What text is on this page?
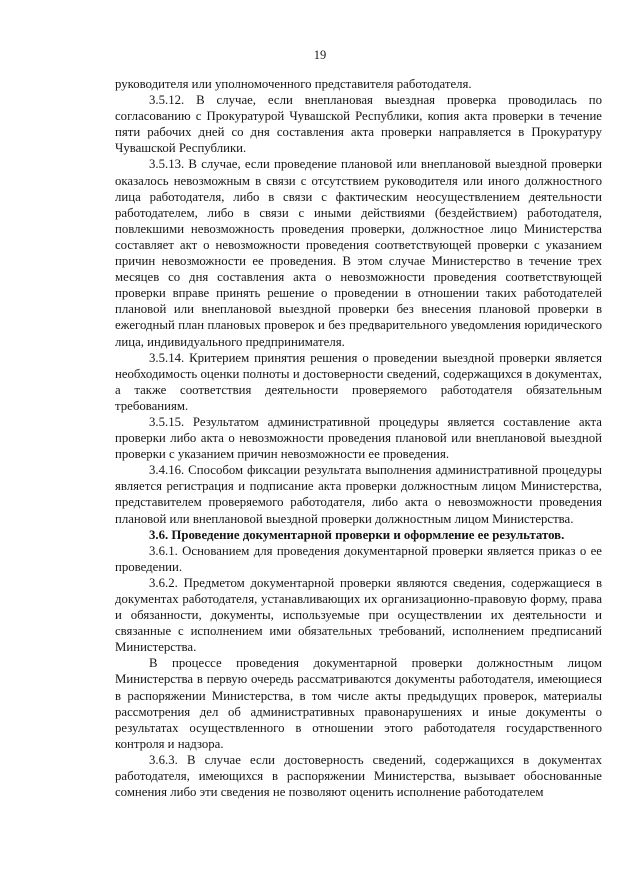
19

руководителя или уполномоченного представителя работодателя.

3.5.12. В случае, если внеплановая выездная проверка проводилась по согласованию с Прокуратурой Чувашской Республики, копия акта проверки в течение пяти рабочих дней со дня составления акта проверки направляется в Прокуратуру Чувашской Республики.

3.5.13. В случае, если проведение плановой или внеплановой выездной проверки оказалось невозможным в связи с отсутствием руководителя или иного должностного лица работодателя, либо в связи с фактическим неосуществлением деятельности работодателем, либо в связи с иными действиями (бездействием) работодателя, повлекшими невозможность проведения проверки, должностное лицо Министерства составляет акт о невозможности проведения соответствующей проверки с указанием причин невозможности ее проведения. В этом случае Министерство в течение трех месяцев со дня составления акта о невозможности проведения соответствующей проверки вправе принять решение о проведении в отношении таких работодателей плановой или внеплановой выездной проверки без внесения плановой проверки в ежегодный план плановых проверок и без предварительного уведомления юридического лица, индивидуального предпринимателя.

3.5.14. Критерием принятия решения о проведении выездной проверки является необходимость оценки полноты и достоверности сведений, содержащихся в документах, а также соответствия деятельности проверяемого работодателя обязательным требованиям.

3.5.15. Результатом административной процедуры является составление акта проверки либо акта о невозможности проведения плановой или внеплановой выездной проверки с указанием причин невозможности ее проведения.

3.4.16. Способом фиксации результата выполнения административной процедуры является регистрация и подписание акта проверки должностным лицом Министерства, представителем проверяемого работодателя, либо акта о невозможности проведения плановой или внеплановой выездной проверки должностным лицом Министерства.

3.6. Проведение документарной проверки и оформление ее результатов.

3.6.1. Основанием для проведения документарной проверки является приказ о ее проведении.

3.6.2. Предметом документарной проверки являются сведения, содержащиеся в документах работодателя, устанавливающих их организационно-правовую форму, права и обязанности, документы, используемые при осуществлении их деятельности и связанные с исполнением ими обязательных требований, исполнением предписаний Министерства.

В процессе проведения документарной проверки должностным лицом Министерства в первую очередь рассматриваются документы работодателя, имеющиеся в распоряжении Министерства, в том числе акты предыдущих проверок, материалы рассмотрения дел об административных правонарушениях и иные документы о результатах осуществленного в отношении этого работодателя государственного контроля и надзора.

3.6.3. В случае если достоверность сведений, содержащихся в документах работодателя, имеющихся в распоряжении Министерства, вызывает обоснованные сомнения либо эти сведения не позволяют оценить исполнение работодателем
